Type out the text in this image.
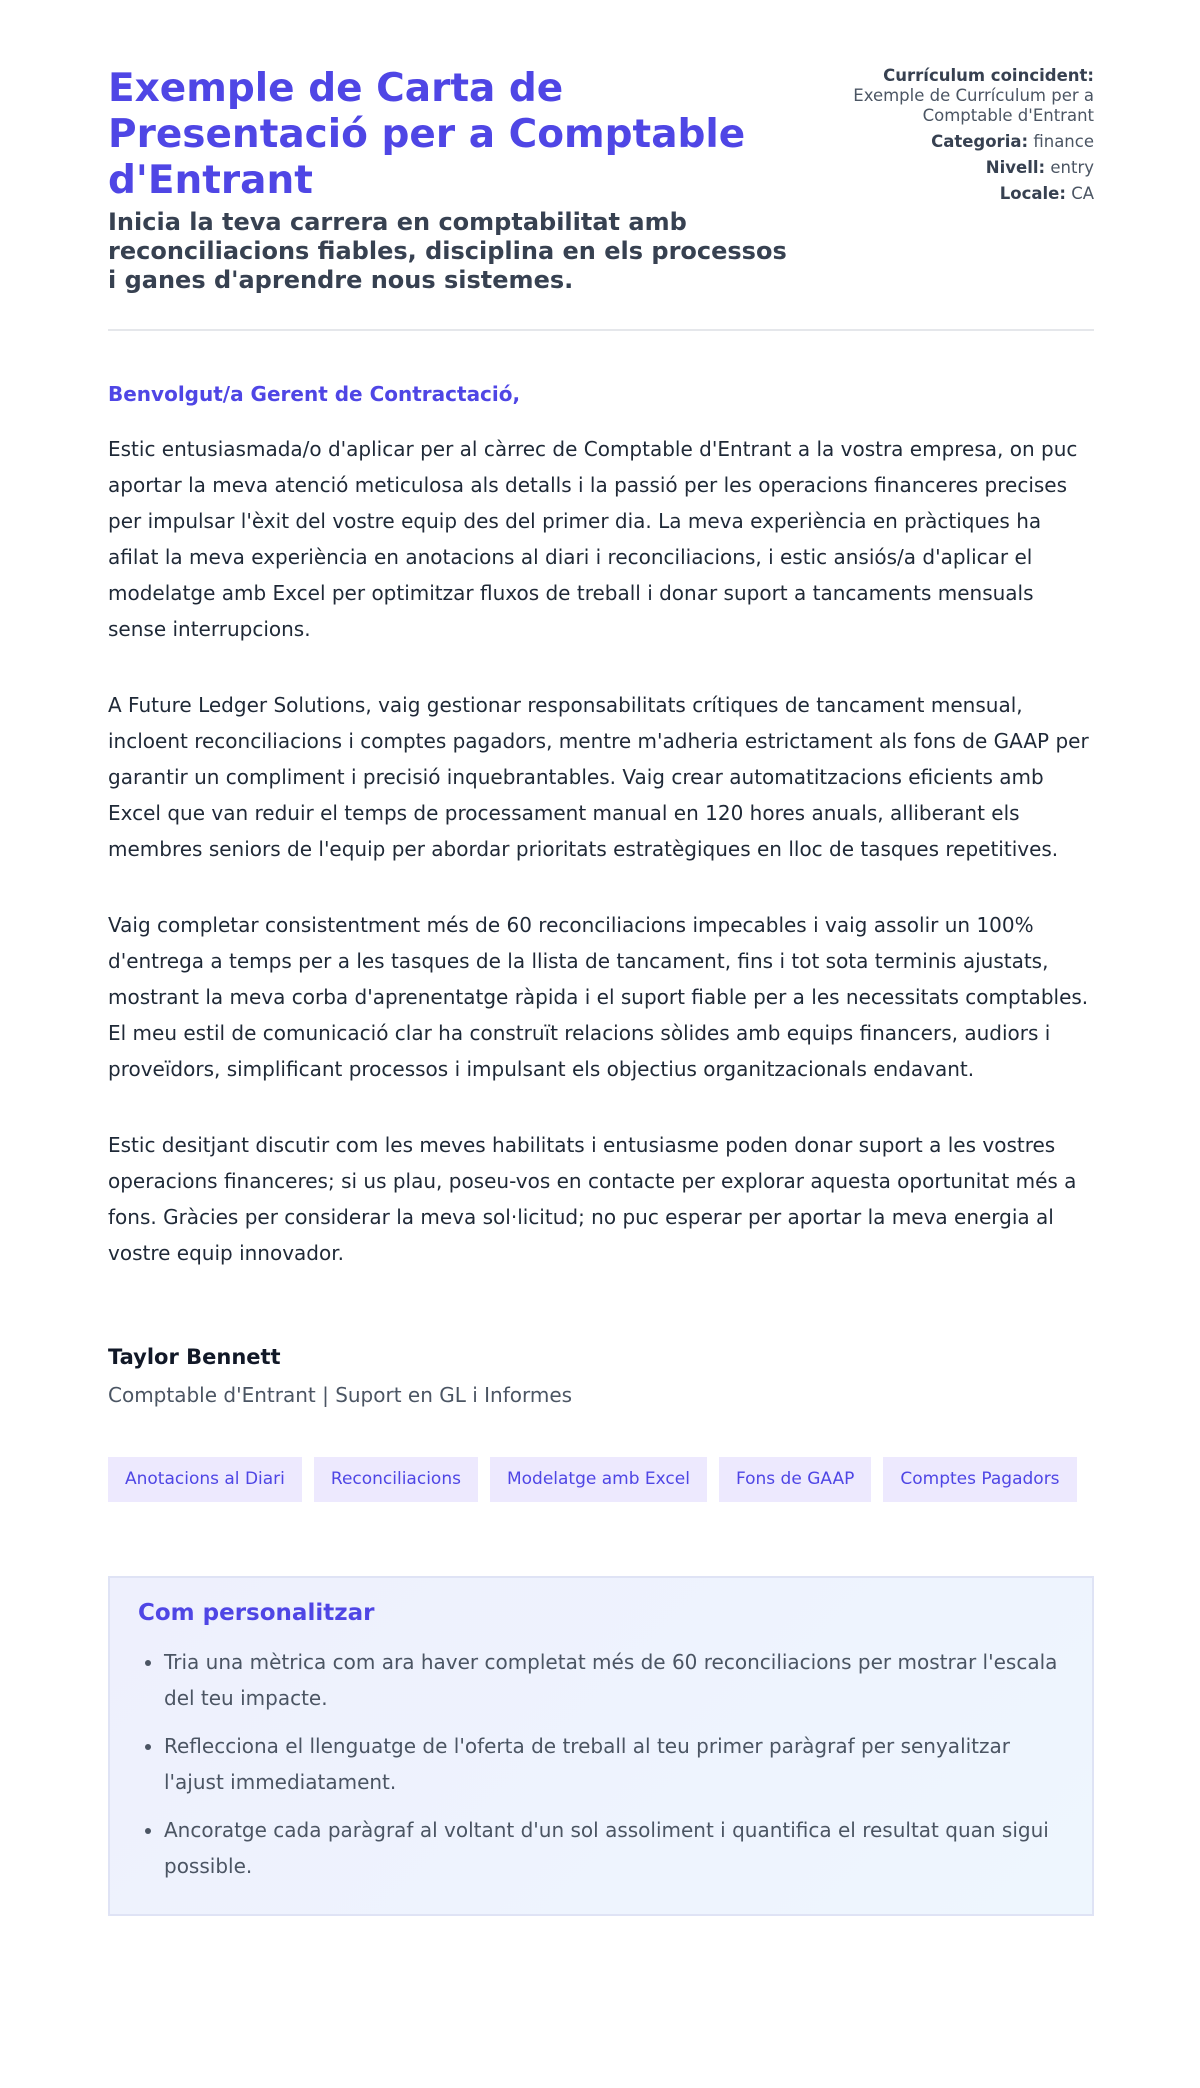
Exemple de Carta de Presentació per a Comptable d'Entrant

Inicia la teva carrera en comptabilitat amb reconciliacions fiables, disciplina en els processos i ganes d'aprendre nous sistemes.

Currículum coincident:
Exemple de Currículum per a Comptable d'Entrant
Categoria: finance
Nivell: entry
Locale: CA
Benvolgut/a Gerent de Contractació,

Estic entusiasmada/o d'aplicar per al càrrec de Comptable d'Entrant a la vostra empresa, on puc aportar la meva atenció meticulosa als detalls i la passió per les operacions financeres precises per impulsar l'èxit del vostre equip des del primer dia. La meva experiència en pràctiques ha afilat la meva experiència en anotacions al diari i reconciliacions, i estic ansiós/a d'aplicar el modelatge amb Excel per optimitzar fluxos de treball i donar suport a tancaments mensuals sense interrupcions.

A Future Ledger Solutions, vaig gestionar responsabilitats crítiques de tancament mensual, incloent reconciliacions i comptes pagadors, mentre m'adheria estrictament als fons de GAAP per garantir un compliment i precisió inquebrantables. Vaig crear automatitzacions eficients amb Excel que van reduir el temps de processament manual en 120 hores anuals, alliberant els membres seniors de l'equip per abordar prioritats estratègiques en lloc de tasques repetitives.

Vaig completar consistentment més de 60 reconciliacions impecables i vaig assolir un 100% d'entrega a temps per a les tasques de la llista de tancament, fins i tot sota terminis ajustats, mostrant la meva corba d'aprenentatge ràpida i el suport fiable per a les necessitats comptables. El meu estil de comunicació clar ha construït relacions sòlides amb equips financers, audiors i proveïdors, simplificant processos i impulsant els objectius organitzacionals endavant.

Estic desitjant discutir com les meves habilitats i entusiasme poden donar suport a les vostres operacions financeres; si us plau, poseu-vos en contacte per explorar aquesta oportunitat més a fons. Gràcies per considerar la meva sol·licitud; no puc esperar per aportar la meva energia al vostre equip innovador.

Taylor Bennett
Comptable d'Entrant | Suport en GL i Informes
Anotacions al Diari	Reconciliacions	Modelatge amb Excel	Fons de GAAP	Comptes Pagadors
Com personalitzar
• Tria una mètrica com ara haver completat més de 60 reconciliacions per mostrar l'escala del teu impacte.
• Reflecciona el llenguatge de l'oferta de treball al teu primer paràgraf per senyalitzar l'ajust immediatament.
• Ancoratge cada paràgraf al voltant d'un sol assoliment i quantifica el resultat quan sigui possible.
